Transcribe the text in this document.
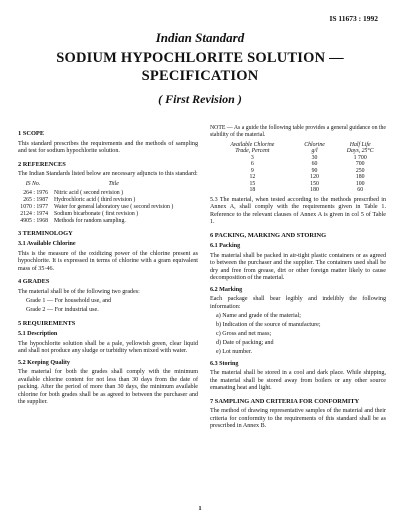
IS 11673 : 1992
Indian Standard
SODIUM HYPOCHLORITE SOLUTION —
SPECIFICATION
( First Revision )
1 SCOPE

This standard prescribes the requirements and the methods of sampling and test for sodium hypochlorite solution.

2 REFERENCES

The Indian Standards listed below are necessary adjuncts to this standard:

IS No.	Title
264 : 1976	Nitric acid ( second revision )
265 : 1987	Hydrochloric acid ( third revision )
1070 : 1977	Water for general laboratory use ( second revision )
2124 : 1974	Sodium bicarbonate ( first revision )
4905 : 1968	Methods for random sampling.
3 TERMINOLOGY
3.1 Available Chlorine

This is the measure of the oxidizing power of the chlorine present as hypochlorite. It is expressed in terms of chlorine with a gram equivalent mass of 35·46.

4 GRADES

The material shall be of the following two grades:

Grade 1 — For household use, and
Grade 2 — For industrial use.
5 REQUIREMENTS
5.1 Description

The hypochlorite solution shall be a pale, yellowish green, clear liquid and shall not produce any sludge or turbidity when mixed with water.

5.2 Keeping Quality

The material for both the grades shall comply with the minimum available chlorine content for not less than 30 days from the date of packing. After the period of more than 30 days, the minimum available chlorine for both grades shall be as agreed to between the purchaser and the supplier.

NOTE — As a guide the following table provides a general guidance on the stability of the material.

Available Chlorine	Chlorine	Half Life
Trade, Percent	g/l	Days, 25°C
3	30	1 700
6	60	700
9	90	250
12	120	180
15	150	100
18	180	60

5.3 The material, when tested according to the methods prescribed in Annex A, shall comply with the requirements given in Table 1. Reference to the relevant clauses of Annex A is given in col 5 of Table 1.

6 PACKING, MARKING AND STORING
6.1 Packing

The material shall be packed in air-tight plastic containers or as agreed to between the purchaser and the supplier. The containers used shall be dry and free from grease, dirt or other foreign matter likely to cause decomposition of the material.

6.2 Marking

Each package shall bear legibly and indelibly the following information:

a) Name and grade of the material;
b) Indication of the source of manufacture;
c) Gross and net mass;
d) Date of packing; and
e) Lot number.
6.3 Storing

The material shall be stored in a cool and dark place. While shipping, the material shall be stored away from boilers or any other source emanating heat and light.

7 SAMPLING AND CRITERIA FOR CONFORMITY

The method of drawing representative samples of the material and their criteria for conformity to the requirements of this standard shall be as prescribed in Annex B.

1
